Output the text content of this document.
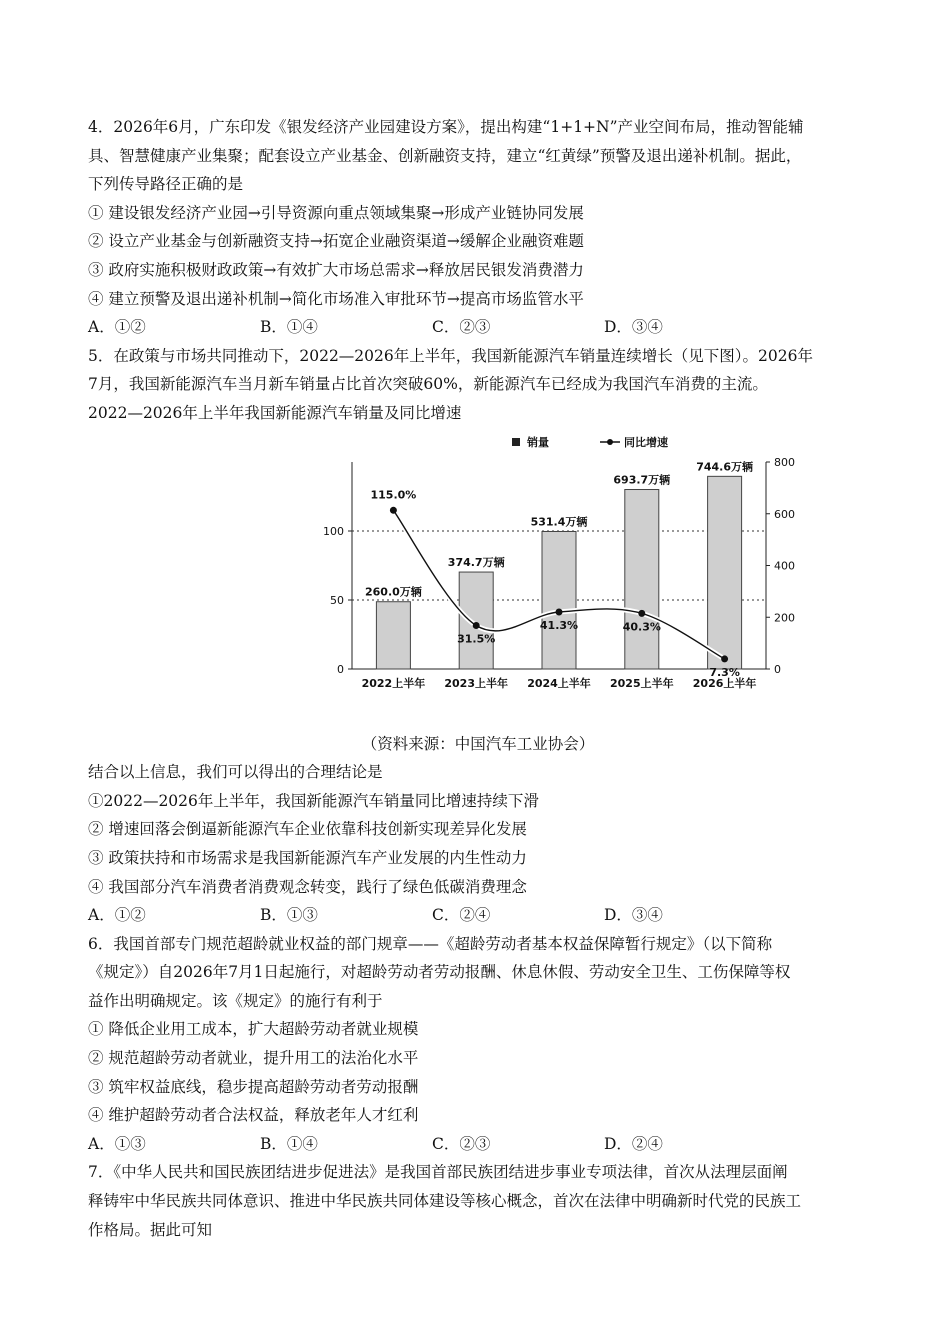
4．2026年6月，广东印发《银发经济产业园建设方案》，提出构建“1+1+N”产业空间布局，推动智能辅
具、智慧健康产业集聚；配套设立产业基金、创新融资支持，建立“红黄绿”预警及退出递补机制。据此，
下列传导路径正确的是
① 建设银发经济产业园→引导资源向重点领域集聚→形成产业链协同发展
② 设立产业基金与创新融资支持→拓宽企业融资渠道→缓解企业融资难题
③ 政府实施积极财政政策→有效扩大市场总需求→释放居民银发消费潜力
④ 建立预警及退出递补机制→简化市场准入审批环节→提高市场监管水平
A．①②	B．①④	C．②③	D．③④
5．在政策与市场共同推动下，2022—2026年上半年，我国新能源汽车销量连续增长（见下图）。2026年
7月，我国新能源汽车当月新车销量占比首次突破60%，新能源汽车已经成为我国汽车消费的主流。
2022—2026年上半年我国新能源汽车销量及同比增速
销量	同比增速
260.0万辆
374.7万辆
531.4万辆
693.7万辆
744.6万辆
115.0%
31.5%
41.3%	40.3%
7.3%
0
50
100
0
200
400
600
800
2022上半年 2023上半年 2024上半年 2025上半年 2026上半年
（资料来源：中国汽车工业协会）
结合以上信息，我们可以得出的合理结论是
①2022—2026年上半年，我国新能源汽车销量同比增速持续下滑
② 增速回落会倒逼新能源汽车企业依靠科技创新实现差异化发展
③ 政策扶持和市场需求是我国新能源汽车产业发展的内生性动力
④ 我国部分汽车消费者消费观念转变，践行了绿色低碳消费理念
A．①②	B．①③	C．②④	D．③④
6．我国首部专门规范超龄就业权益的部门规章——《超龄劳动者基本权益保障暂行规定》（以下简称
《规定》）自2026年7月1日起施行，对超龄劳动者劳动报酬、休息休假、劳动安全卫生、工伤保障等权
益作出明确规定。该《规定》的施行有利于
① 降低企业用工成本，扩大超龄劳动者就业规模
② 规范超龄劳动者就业，提升用工的法治化水平
③ 筑牢权益底线，稳步提高超龄劳动者劳动报酬
④ 维护超龄劳动者合法权益，释放老年人才红利
A．①③	B．①④	C．②③	D．②④
7．《中华人民共和国民族团结进步促进法》是我国首部民族团结进步事业专项法律，首次从法理层面阐
释铸牢中华民族共同体意识、推进中华民族共同体建设等核心概念，首次在法律中明确新时代党的民族工
作格局。据此可知
